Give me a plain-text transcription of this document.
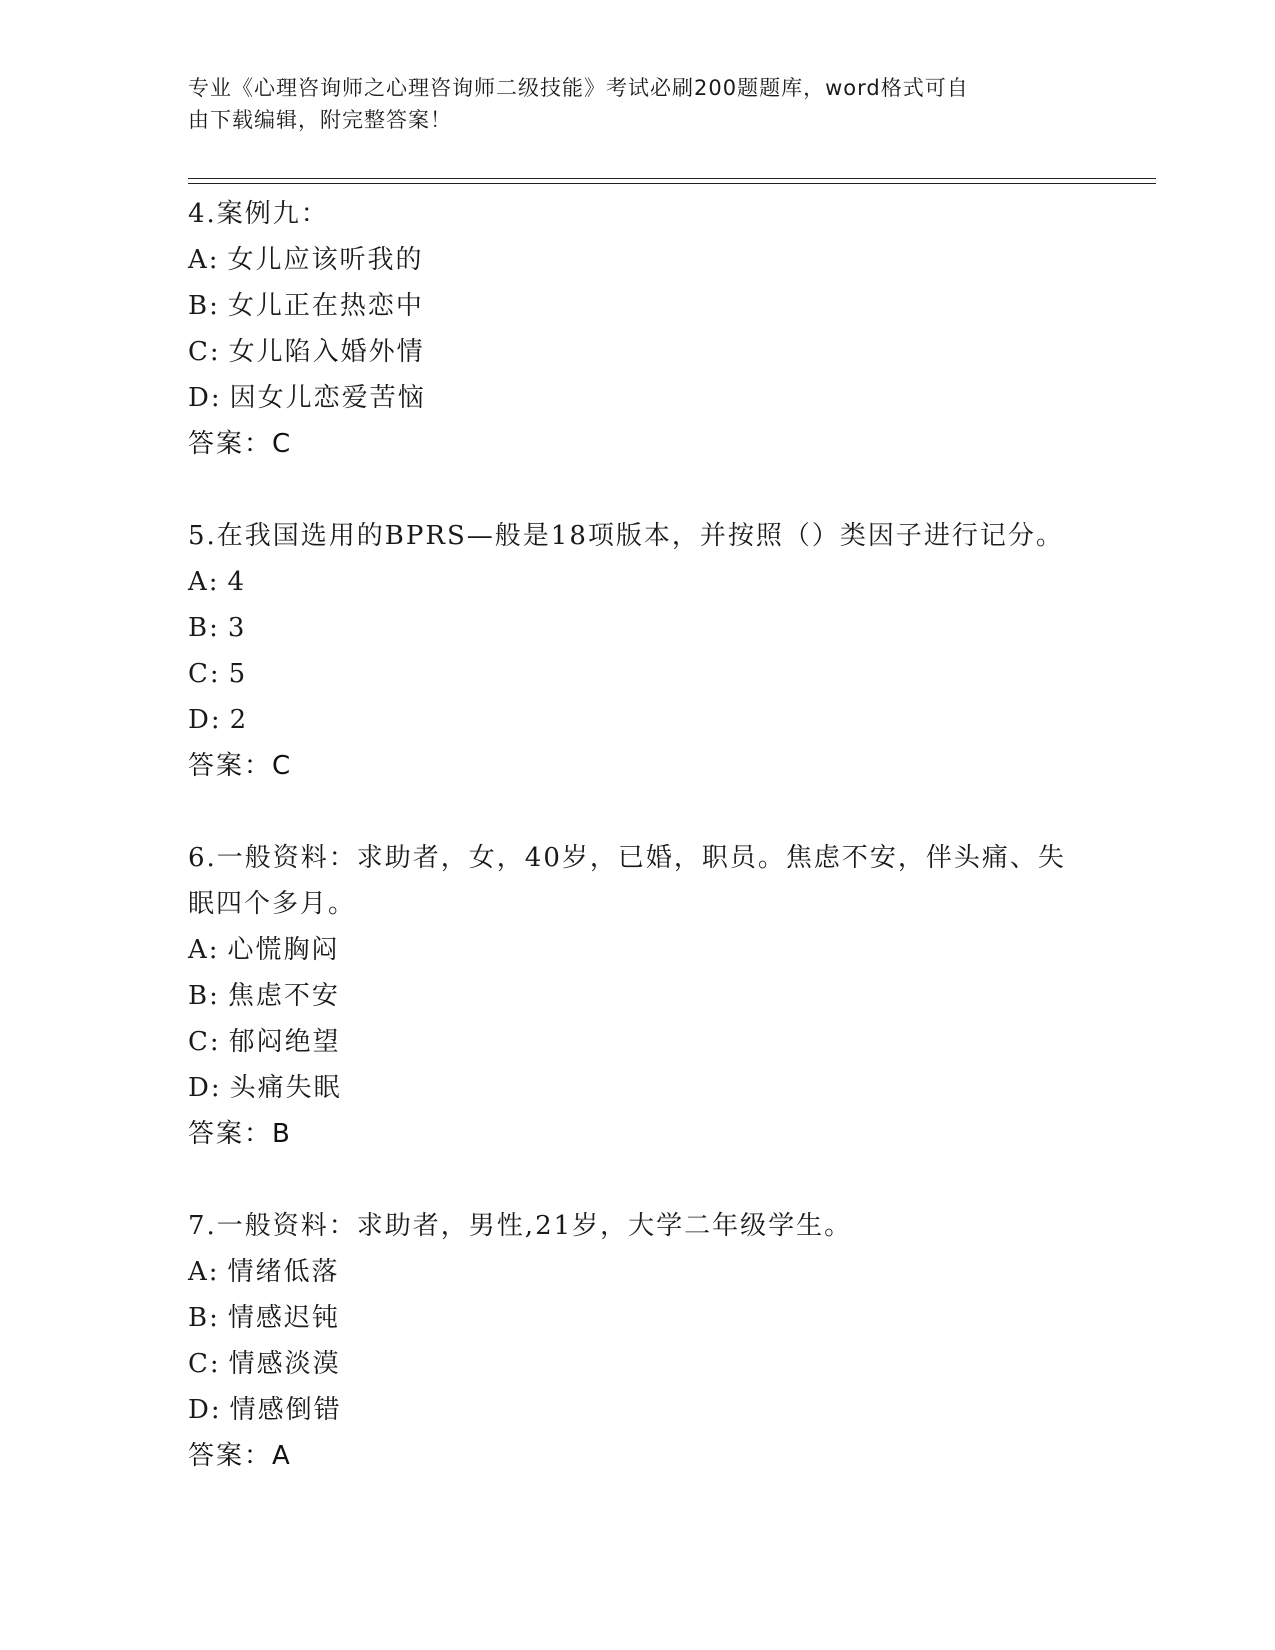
专业《心理咨询师之心理咨询师二级技能》考试必刷200题题库，word格式可自
由下载编辑，附完整答案！
4.案例九：
A: 女儿应该听我的
B: 女儿正在热恋中
C: 女儿陷入婚外情
D: 因女儿恋爱苦恼
答案：C
5.在我国选用的BPRS—般是18项版本，并按照（）类因子进行记分。
A: 4
B: 3
C: 5
D: 2
答案：C
6.一般资料：求助者，女，40岁，已婚，职员。焦虑不安，伴头痛、失眠四个多月。
A: 心慌胸闷
B: 焦虑不安
C: 郁闷绝望
D: 头痛失眠
答案：B
7.一般资料：求助者，男性,21岁，大学二年级学生。
A: 情绪低落
B: 情感迟钝
C: 情感淡漠
D: 情感倒错
答案：A
